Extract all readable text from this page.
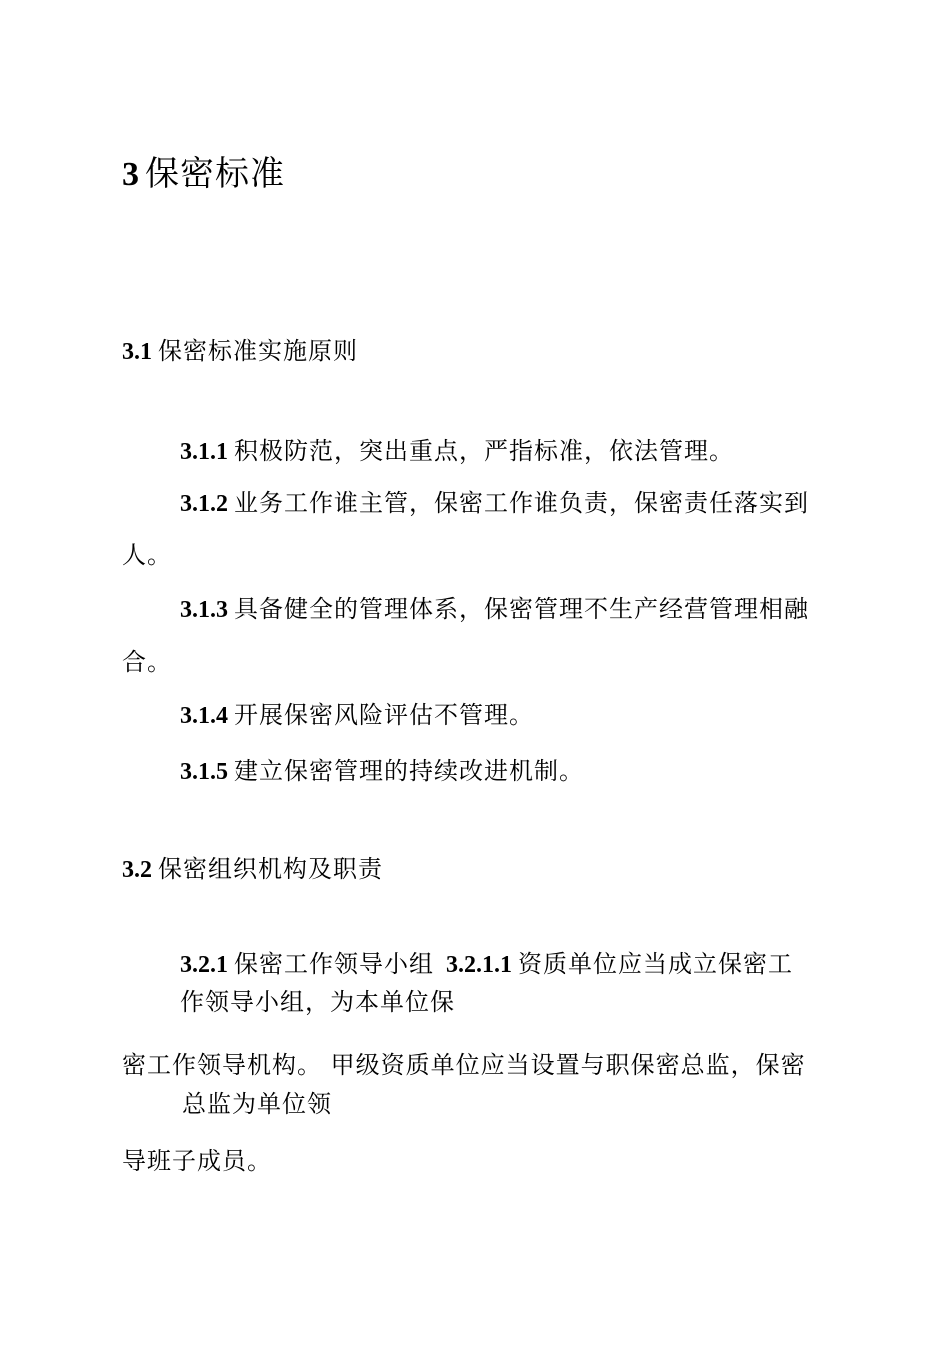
3 保密标准
3.1 保密标准实施原则
3.1.1 积极防范，突出重点，严指标准，依法管理。
3.1.2 业务工作谁主管，保密工作谁负责，保密责任落实到
人。
3.1.3 具备健全的管理体系，保密管理不生产经营管理相融
合。
3.1.4 开展保密风险评估不管理。
3.1.5 建立保密管理的持续改进机制。
3.2 保密组织机构及职责
3.2.1 保密工作领导小组 3.2.1.1 资质单位应当成立保密工
作领导小组，为本单位保
密工作领导机构。 甲级资质单位应当设置与职保密总监，保密
总监为单位领
导班子成员。
